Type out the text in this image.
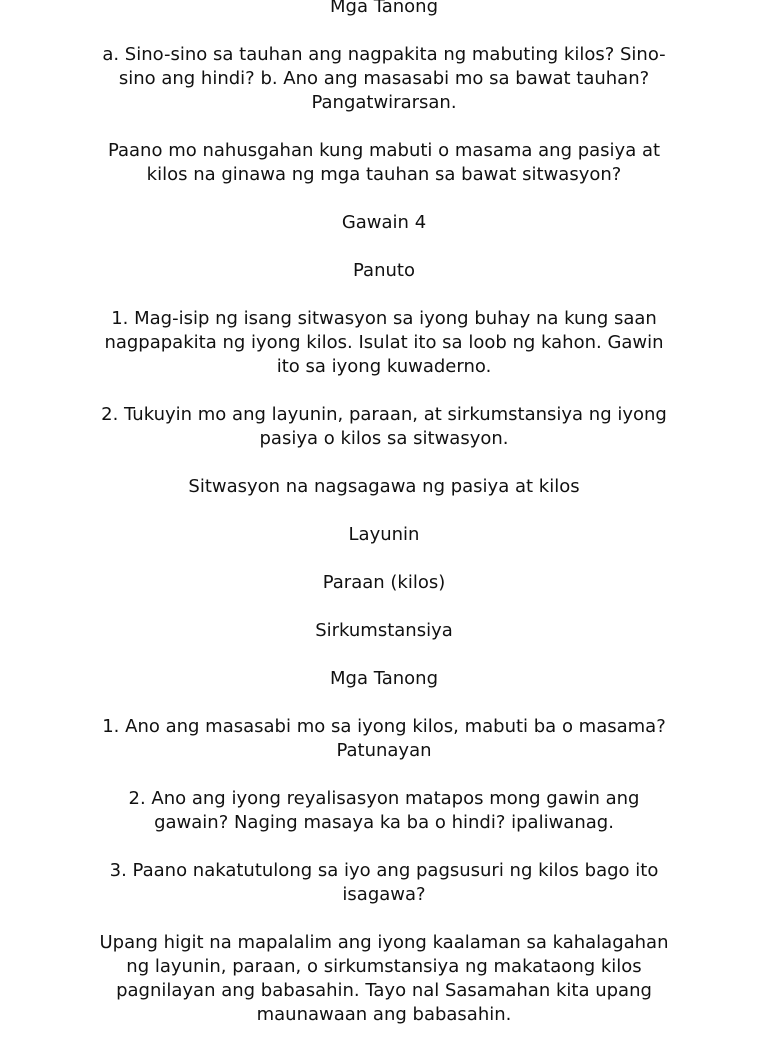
Mga Tanong

a. Sino-sino sa tauhan ang nagpakita ng mabuting kilos? Sino-sino ang hindi? b. Ano ang masasabi mo sa bawat tauhan? Pangatwirarsan.

Paano mo nahusgahan kung mabuti o masama ang pasiya at kilos na ginawa ng mga tauhan sa bawat sitwasyon?

Gawain 4

Panuto

1. Mag-isip ng isang sitwasyon sa iyong buhay na kung saan nagpapakita ng iyong kilos. Isulat ito sa loob ng kahon. Gawin ito sa iyong kuwaderno.

2. Tukuyin mo ang layunin, paraan, at sirkumstansiya ng iyong pasiya o kilos sa sitwasyon.

Sitwasyon na nagsagawa ng pasiya at kilos

Layunin

Paraan (kilos)

Sirkumstansiya

Mga Tanong

1. Ano ang masasabi mo sa iyong kilos, mabuti ba o masama? Patunayan

2. Ano ang iyong reyalisasyon matapos mong gawin ang gawain? Naging masaya ka ba o hindi? ipaliwanag.

3. Paano nakatutulong sa iyo ang pagsusuri ng kilos bago ito isagawa?

Upang higit na mapalalim ang iyong kaalaman sa kahalagahan ng layunin, paraan, o sirkumstansiya ng makataong kilos pagnilayan ang babasahin. Tayo nal Sasamahan kita upang maunawaan ang babasahin.
